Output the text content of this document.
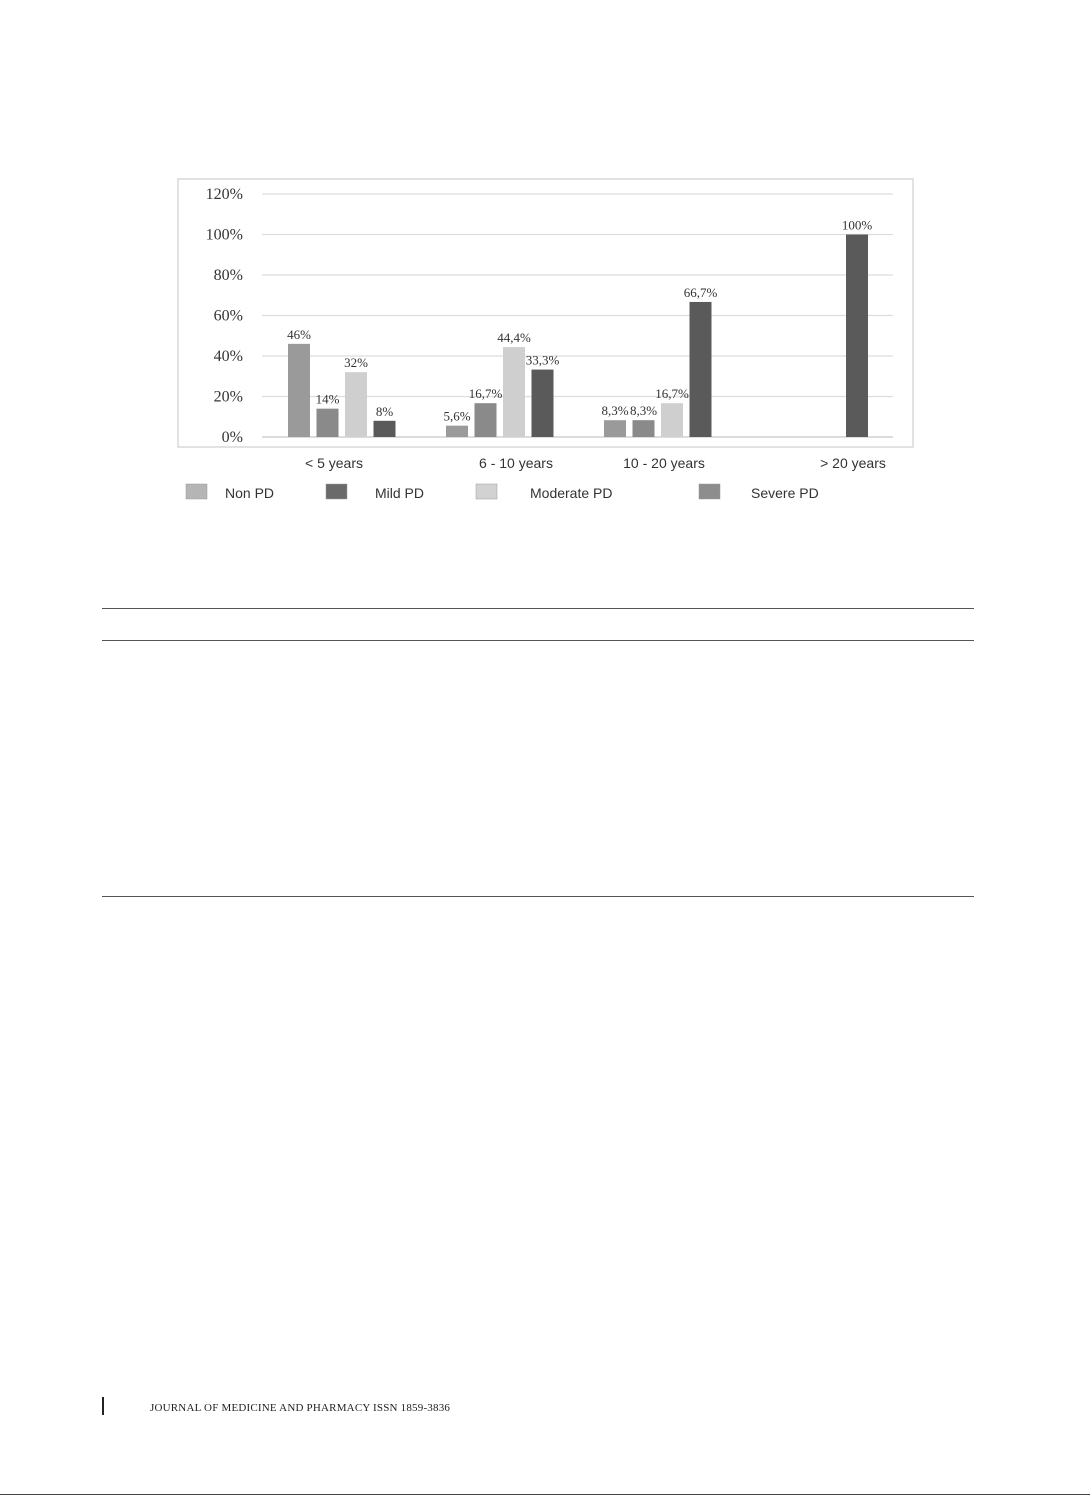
0%
20%
40%
60%
80%
100%
120%
46%
5,6%	8,3%
14%	16,7%
8,3%
32%
44,4%
16,7%
8%
33,3%
66,7%
100%
< 5 years	6 - 10 years	10 - 20 years	> 20 years
Non PD	Mild PD	Moderate PD	Severe PD
JOURNAL OF MEDICINE AND PHARMACY ISSN 1859-3836
